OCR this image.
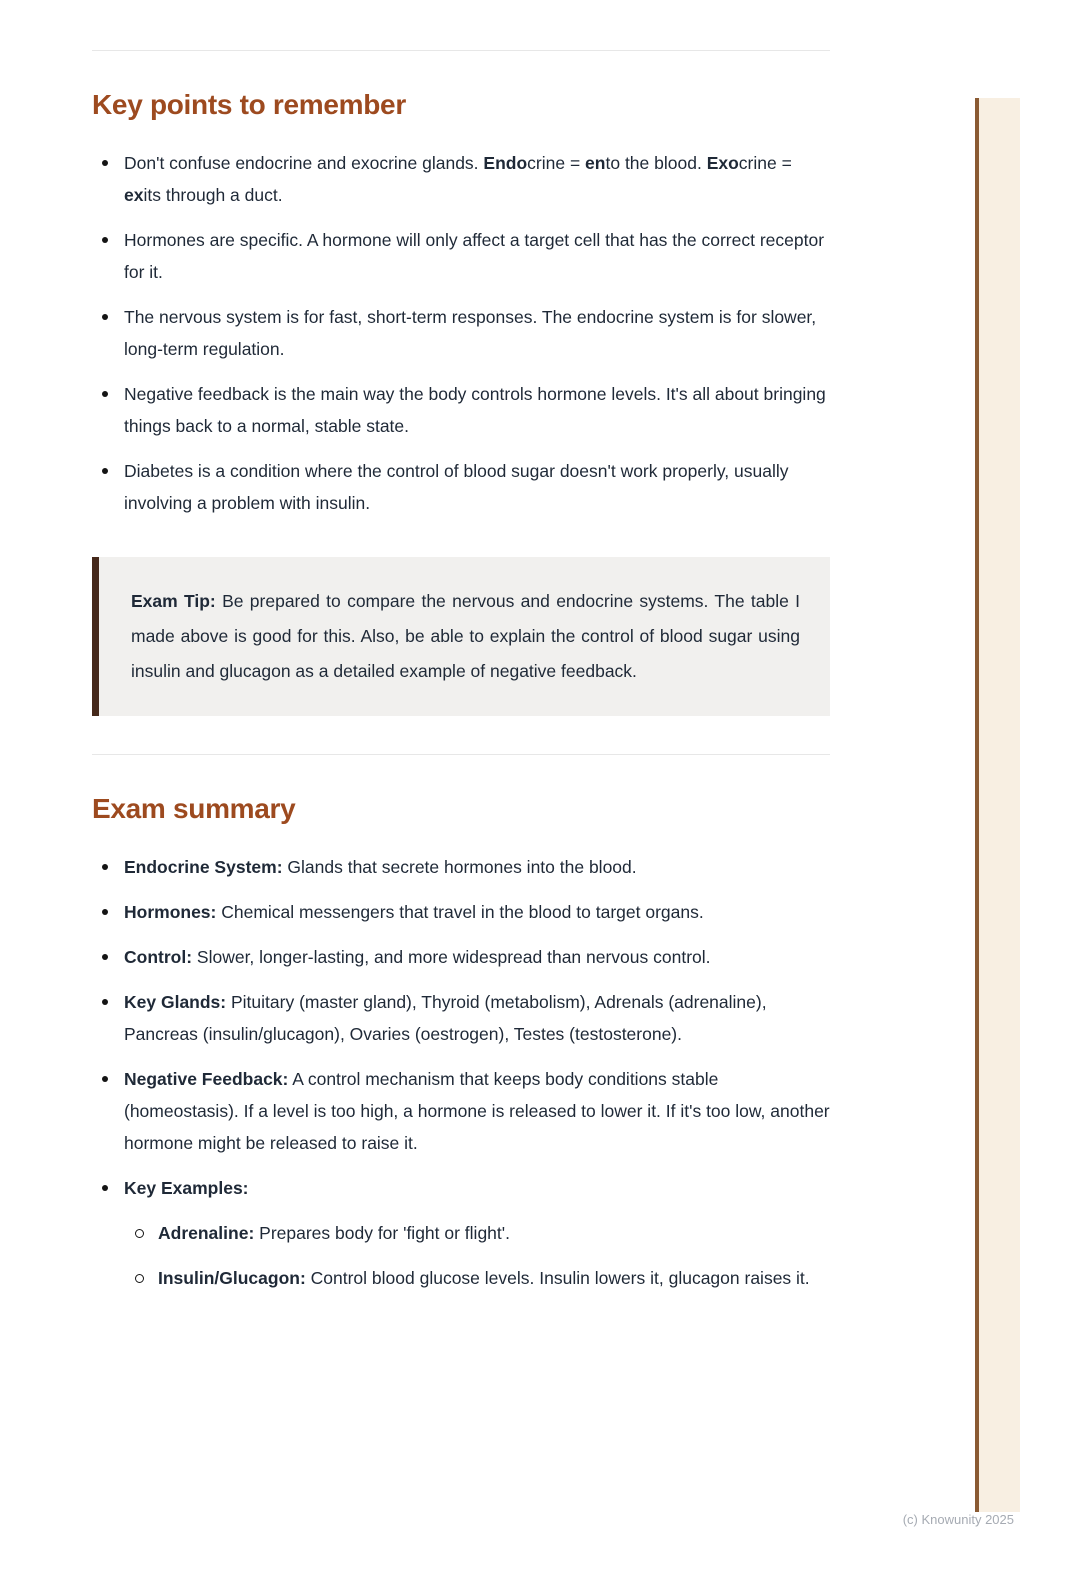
Key points to remember
Don't confuse endocrine and exocrine glands. Endocrine = ento the blood. Exocrine = exits through a duct.
Hormones are specific. A hormone will only affect a target cell that has the correct receptor for it.
The nervous system is for fast, short-term responses. The endocrine system is for slower, long-term regulation.
Negative feedback is the main way the body controls hormone levels. It's all about bringing things back to a normal, stable state.
Diabetes is a condition where the control of blood sugar doesn't work properly, usually involving a problem with insulin.

Exam Tip: Be prepared to compare the nervous and endocrine systems. The table I made above is good for this. Also, be able to explain the control of blood sugar using insulin and glucagon as a detailed example of negative feedback.

Exam summary
Endocrine System: Glands that secrete hormones into the blood.
Hormones: Chemical messengers that travel in the blood to target organs.
Control: Slower, longer-lasting, and more widespread than nervous control.
Key Glands: Pituitary (master gland), Thyroid (metabolism), Adrenals (adrenaline), Pancreas (insulin/glucagon), Ovaries (oestrogen), Testes (testosterone).
Negative Feedback: A control mechanism that keeps body conditions stable (homeostasis). If a level is too high, a hormone is released to lower it. If it's too low, another hormone might be released to raise it.
Key Examples:
Adrenaline: Prepares body for 'fight or flight'.
Insulin/Glucagon: Control blood glucose levels. Insulin lowers it, glucagon raises it.
(c) Knowunity 2025
